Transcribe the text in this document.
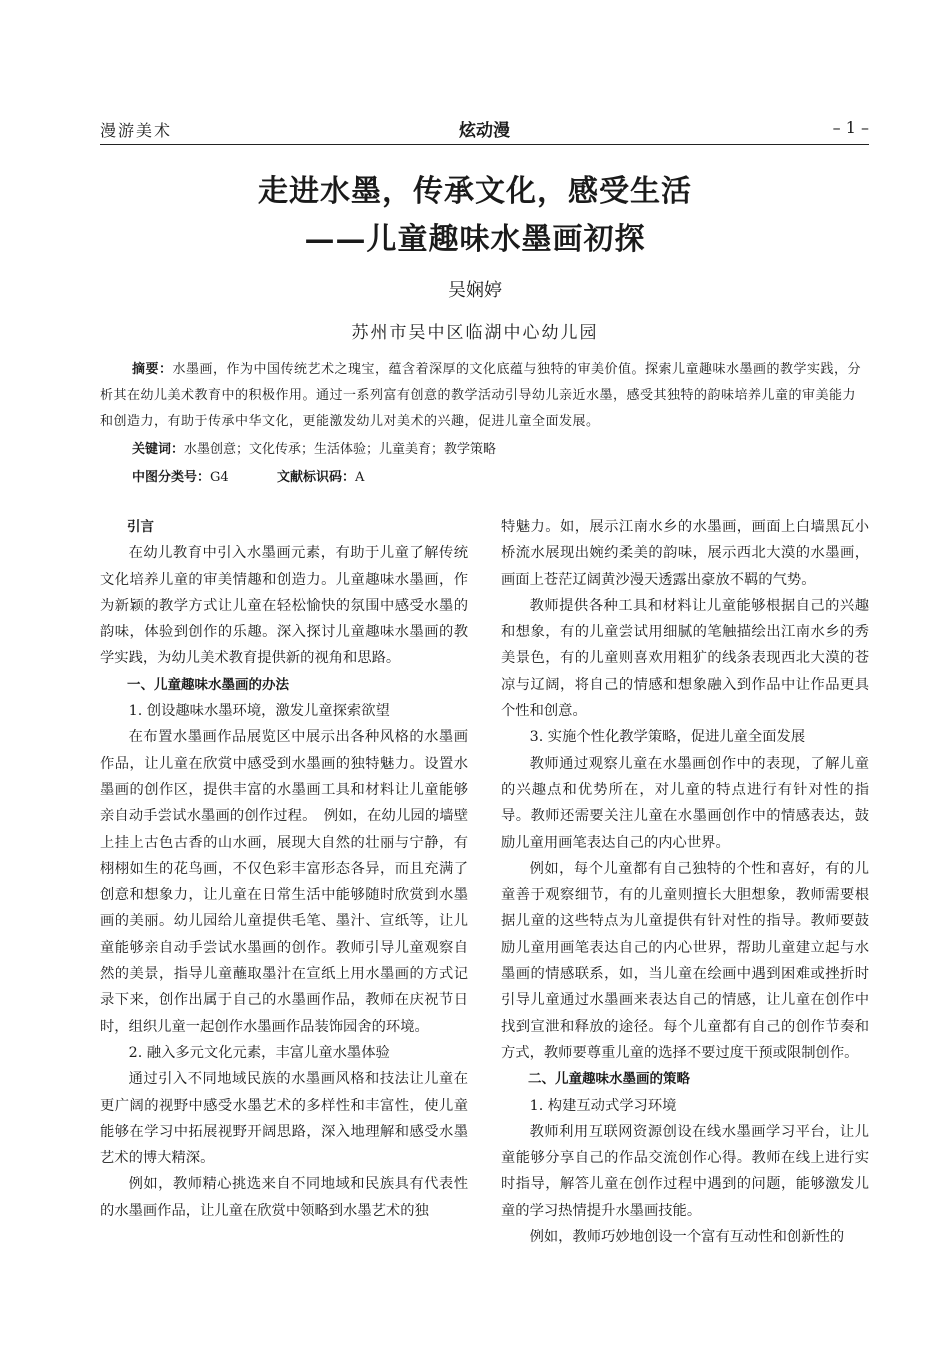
漫游美术	炫动漫	– 1 –
走进水墨，传承文化，感受生活
——儿童趣味水墨画初探
吴娴婷
苏州市吴中区临湖中心幼儿园
摘要：水墨画，作为中国传统艺术之瑰宝，蕴含着深厚的文化底蕴与独特的审美价值。探索儿童趣味水墨画的教学实践，分析其在幼儿美术教育中的积极作用。通过一系列富有创意的教学活动引导幼儿亲近水墨，感受其独特的韵味培养儿童的审美能力和创造力，有助于传承中华文化，更能激发幼儿对美术的兴趣，促进儿童全面发展。
关键词：水墨创意；文化传承；生活体验；儿童美育；教学策略
中图分类号：G4	文献标识码：A

引言

在幼儿教育中引入水墨画元素，有助于儿童了解传统文化培养儿童的审美情趣和创造力。儿童趣味水墨画，作为新颖的教学方式让儿童在轻松愉快的氛围中感受水墨的韵味，体验到创作的乐趣。深入探讨儿童趣味水墨画的教学实践，为幼儿美术教育提供新的视角和思路。

一、儿童趣味水墨画的办法

1. 创设趣味水墨环境，激发儿童探索欲望

在布置水墨画作品展览区中展示出各种风格的水墨画作品，让儿童在欣赏中感受到水墨画的独特魅力。设置水墨画的创作区，提供丰富的水墨画工具和材料让儿童能够亲自动手尝试水墨画的创作过程。　例如，在幼儿园的墙壁上挂上古色古香的山水画，展现大自然的壮丽与宁静，有栩栩如生的花鸟画，不仅色彩丰富形态各异，而且充满了创意和想象力，让儿童在日常生活中能够随时欣赏到水墨画的美丽。幼儿园给儿童提供毛笔、墨汁、宣纸等，让儿童能够亲自动手尝试水墨画的创作。教师引导儿童观察自然的美景，指导儿童蘸取墨汁在宣纸上用水墨画的方式记录下来，创作出属于自己的水墨画作品，教师在庆祝节日时，组织儿童一起创作水墨画作品装饰园舍的环境。

2. 融入多元文化元素，丰富儿童水墨体验

通过引入不同地域民族的水墨画风格和技法让儿童在更广阔的视野中感受水墨艺术的多样性和丰富性，使儿童能够在学习中拓展视野开阔思路，深入地理解和感受水墨艺术的博大精深。

例如，教师精心挑选来自不同地域和民族具有代表性的水墨画作品，让儿童在欣赏中领略到水墨艺术的独

特魅力。如，展示江南水乡的水墨画，画面上白墙黑瓦小桥流水展现出婉约柔美的韵味，展示西北大漠的水墨画，画面上苍茫辽阔黄沙漫天透露出豪放不羁的气势。

教师提供各种工具和材料让儿童能够根据自己的兴趣和想象，有的儿童尝试用细腻的笔触描绘出江南水乡的秀美景色，有的儿童则喜欢用粗犷的线条表现西北大漠的苍凉与辽阔，将自己的情感和想象融入到作品中让作品更具个性和创意。

3. 实施个性化教学策略，促进儿童全面发展

教师通过观察儿童在水墨画创作中的表现，了解儿童的兴趣点和优势所在，对儿童的特点进行有针对性的指导。教师还需要关注儿童在水墨画创作中的情感表达，鼓励儿童用画笔表达自己的内心世界。

例如，每个儿童都有自己独特的个性和喜好，有的儿童善于观察细节，有的儿童则擅长大胆想象，教师需要根据儿童的这些特点为儿童提供有针对性的指导。教师要鼓励儿童用画笔表达自己的内心世界，帮助儿童建立起与水墨画的情感联系，如，当儿童在绘画中遇到困难或挫折时引导儿童通过水墨画来表达自己的情感，让儿童在创作中找到宣泄和释放的途径。每个儿童都有自己的创作节奏和方式，教师要尊重儿童的选择不要过度干预或限制创作。

二、儿童趣味水墨画的策略

1. 构建互动式学习环境

教师利用互联网资源创设在线水墨画学习平台，让儿童能够分享自己的作品交流创作心得。教师在线上进行实时指导，解答儿童在创作过程中遇到的问题，能够激发儿童的学习热情提升水墨画技能。

例如，教师巧妙地创设一个富有互动性和创新性的
